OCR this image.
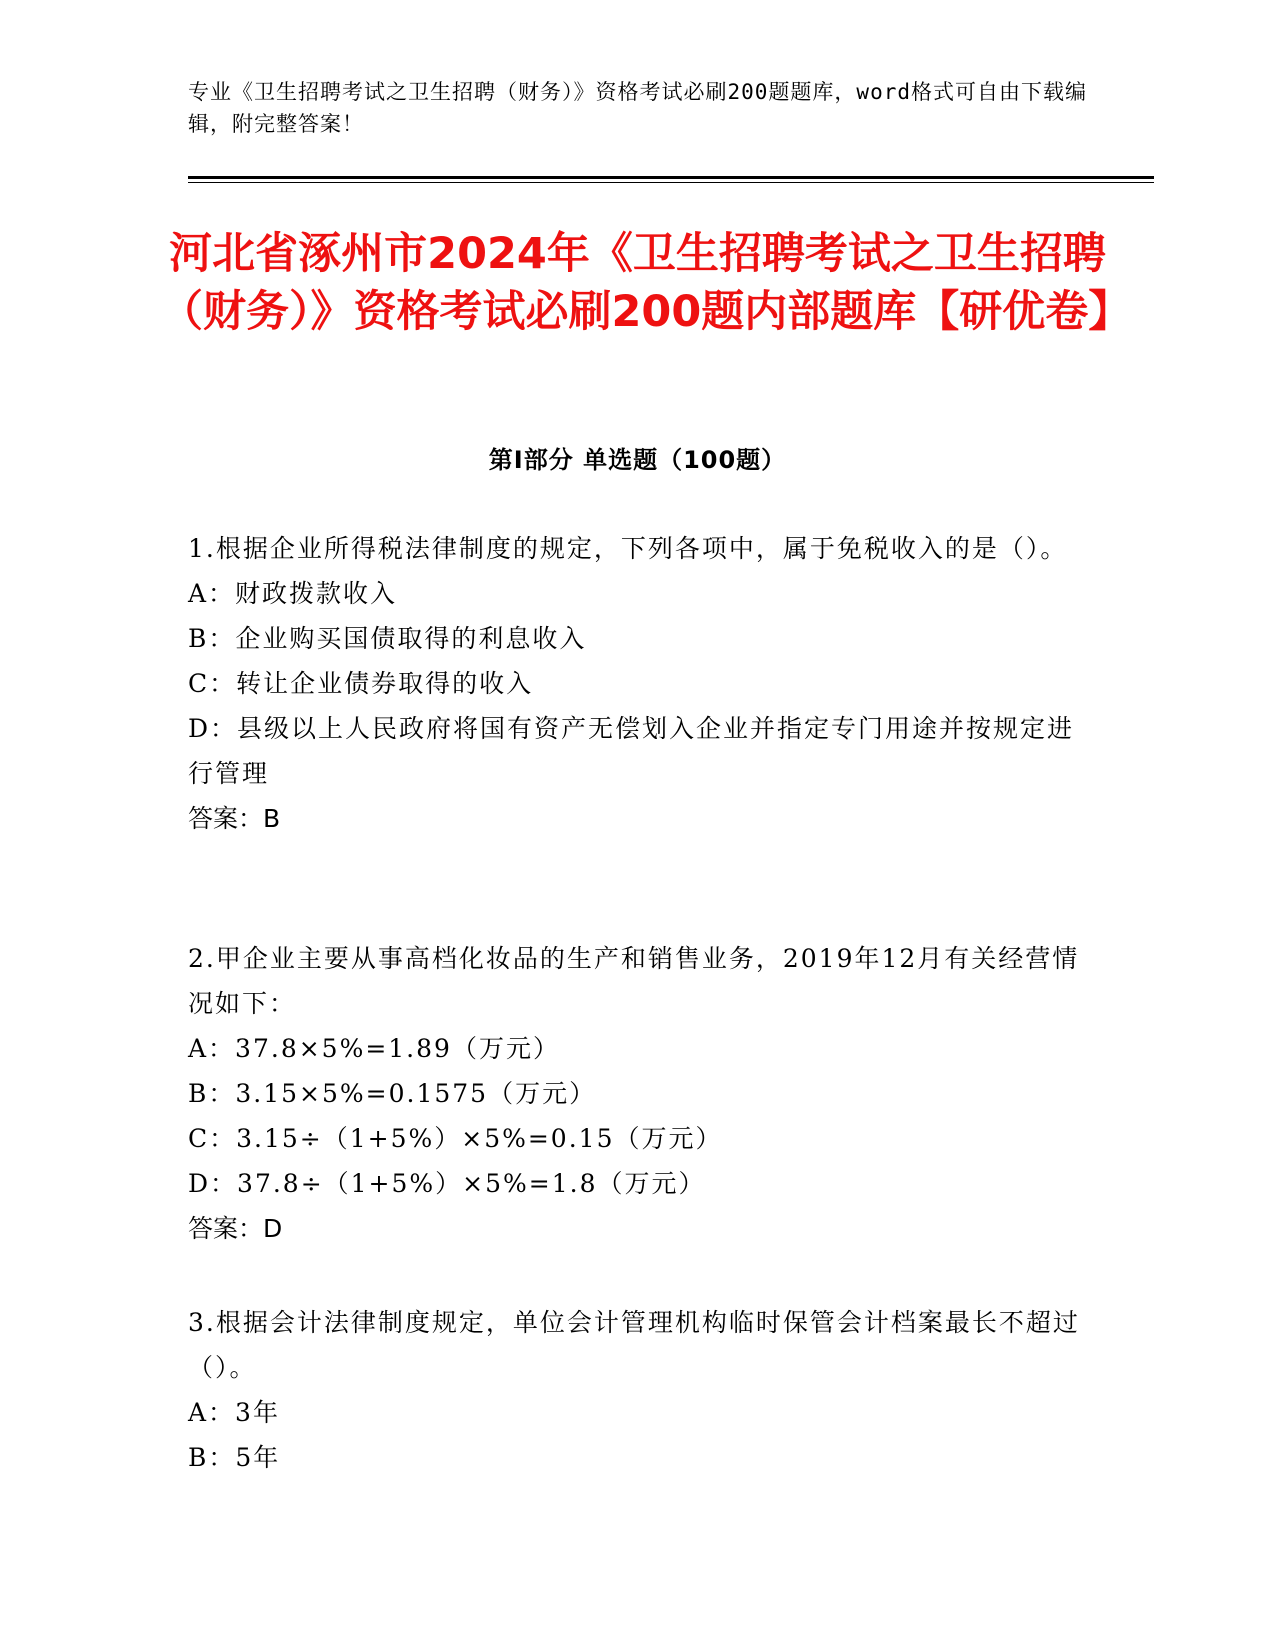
专业《卫生招聘考试之卫生招聘（财务）》资格考试必刷200题题库，word格式可自由下载编辑，附完整答案！
河北省涿州市2024年《卫生招聘考试之卫生招聘（财务）》资格考试必刷200题内部题库【研优卷】
第I部分 单选题（100题）

1.根据企业所得税法律制度的规定，下列各项中，属于免税收入的是（）。

A：财政拨款收入

B：企业购买国债取得的利息收入

C：转让企业债券取得的收入

D：县级以上人民政府将国有资产无偿划入企业并指定专门用途并按规定进行管理

答案：B

2.甲企业主要从事高档化妆品的生产和销售业务，2019年12月有关经营情况如下：

A：37.8×5%=1.89（万元）

B：3.15×5%=0.1575（万元）

C：3.15÷（1+5%）×5%=0.15（万元）

D：37.8÷（1+5%）×5%=1.8（万元）

答案：D

3.根据会计法律制度规定，单位会计管理机构临时保管会计档案最长不超过（）。

A：3年

B：5年
